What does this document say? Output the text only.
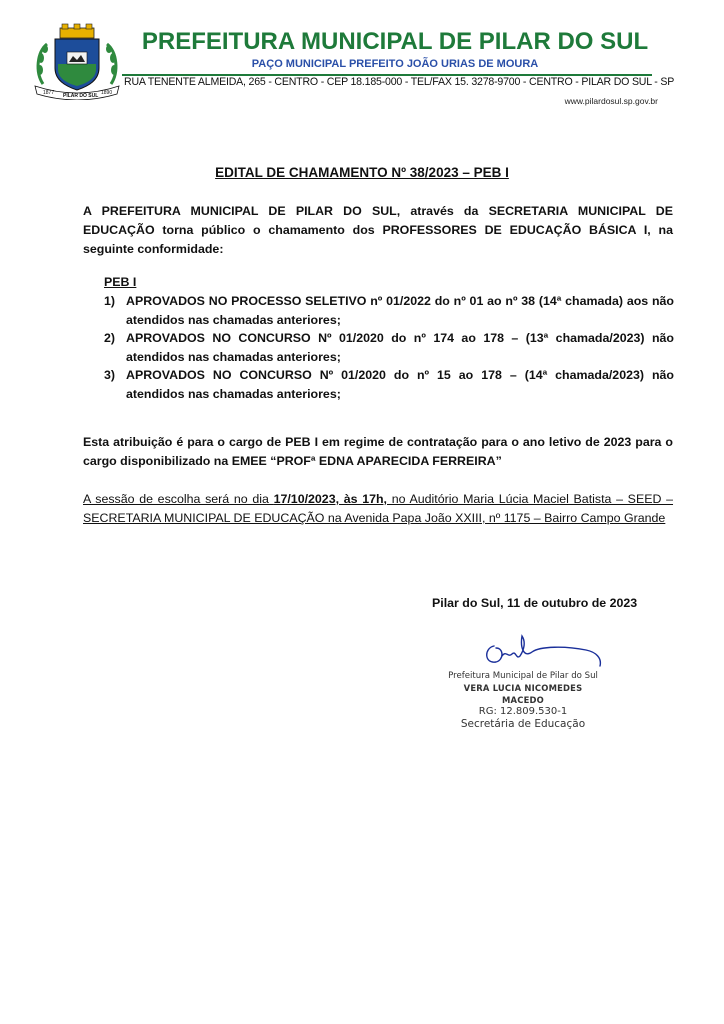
1877 PILAR DO SUL 1890
PREFEITURA MUNICIPAL DE PILAR DO SUL
PAÇO MUNICIPAL PREFEITO JOÃO URIAS DE MOURA
RUA TENENTE ALMEIDA, 265 - CENTRO - CEP 18.185-000 - TEL/FAX 15. 3278-9700 - CENTRO - PILAR DO SUL - SP
www.pilardosul.sp.gov.br
EDITAL DE CHAMAMENTO Nº 38/2023 – PEB I
A PREFEITURA MUNICIPAL DE PILAR DO SUL, através da SECRETARIA MUNICIPAL DE EDUCAÇÃO torna público o chamamento dos PROFESSORES DE EDUCAÇÃO BÁSICA I, na seguinte conformidade:
PEB I
1) APROVADOS NO PROCESSO SELETIVO nº 01/2022 do nº 01 ao nº 38 (14ª chamada) aos não atendidos nas chamadas anteriores;
2) APROVADOS NO CONCURSO Nº 01/2020 do nº 174 ao 178 – (13ª chamada/2023) não atendidos nas chamadas anteriores;
3) APROVADOS NO CONCURSO Nº 01/2020 do nº 15 ao 178 – (14ª chamada/2023) não atendidos nas chamadas anteriores;
Esta atribuição é para o cargo de PEB I em regime de contratação para o ano letivo de 2023 para o cargo disponibilizado na EMEE “PROFª EDNA APARECIDA FERREIRA”
A sessão de escolha será no dia 17/10/2023, às 17h, no Auditório Maria Lúcia Maciel Batista – SEED – SECRETARIA MUNICIPAL DE EDUCAÇÃO na Avenida Papa João XXIII, nº 1175 – Bairro Campo Grande
Pilar do Sul, 11 de outubro de 2023
Prefeitura Municipal de Pilar do Sul
VERA LUCIA NICOMEDES MACEDO
RG: 12.809.530-1
Secretária de Educação
